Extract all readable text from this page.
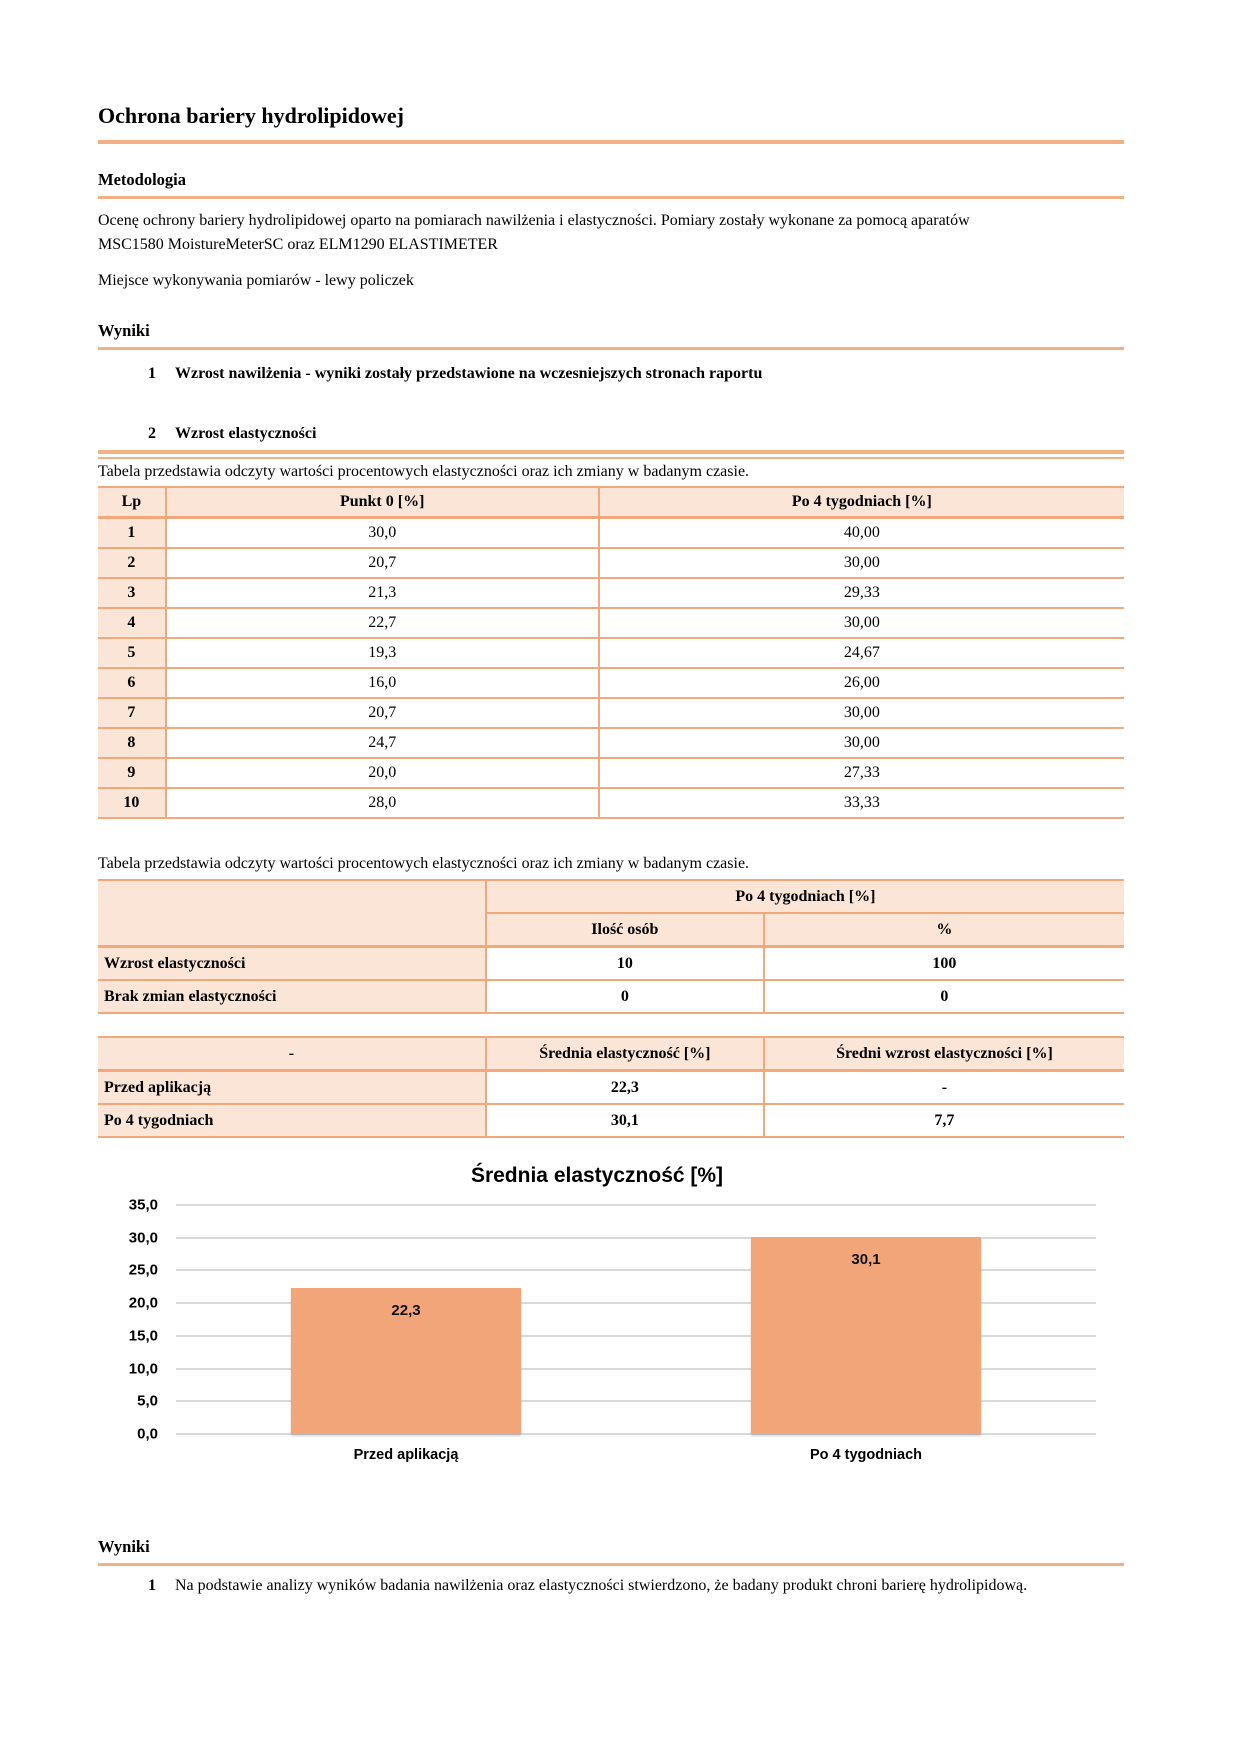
Ochrona bariery hydrolipidowej
Metodologia

Ocenę ochrony bariery hydrolipidowej oparto na pomiarach nawilżenia i elastyczności. Pomiary zostały wykonane za pomocą aparatów MSC1580 MoistureMeterSC oraz ELM1290 ELASTIMETER

Miejsce wykonywania pomiarów - lewy policzek

Wyniki
1	Wzrost nawilżenia - wyniki zostały przedstawione na wczesniejszych stronach raportu
2	Wzrost elastyczności

Tabela przedstawia odczyty wartości procentowych elastyczności oraz ich zmiany w badanym czasie.

Lp	Punkt 0 [%]	Po 4 tygodniach [%]
1	30,0	40,00
2	20,7	30,00
3	21,3	29,33
4	22,7	30,00
5	19,3	24,67
6	16,0	26,00
7	20,7	30,00
8	24,7	30,00
9	20,0	27,33
10	28,0	33,33

Tabela przedstawia odczyty wartości procentowych elastyczności oraz ich zmiany w badanym czasie.

	Po 4 tygodniach [%]	
	Ilość osób	%
Wzrost elastyczności	10	100
Brak zmian elastyczności	0	0
-	Średnia elastyczność [%]	Średni wzrost elastyczności [%]
Przed aplikacją	22,3	-
Po 4 tygodniach	30,1	7,7
Średnia elastyczność [%]
35,0
30,0
25,0
20,0
15,0
10,0
5,0
0,0
22,3
30,1
Przed aplikacją	Po 4 tygodniach
Wyniki
1	Na podstawie analizy wyników badania nawilżenia oraz elastyczności stwierdzono, że badany produkt chroni barierę hydrolipidową.
